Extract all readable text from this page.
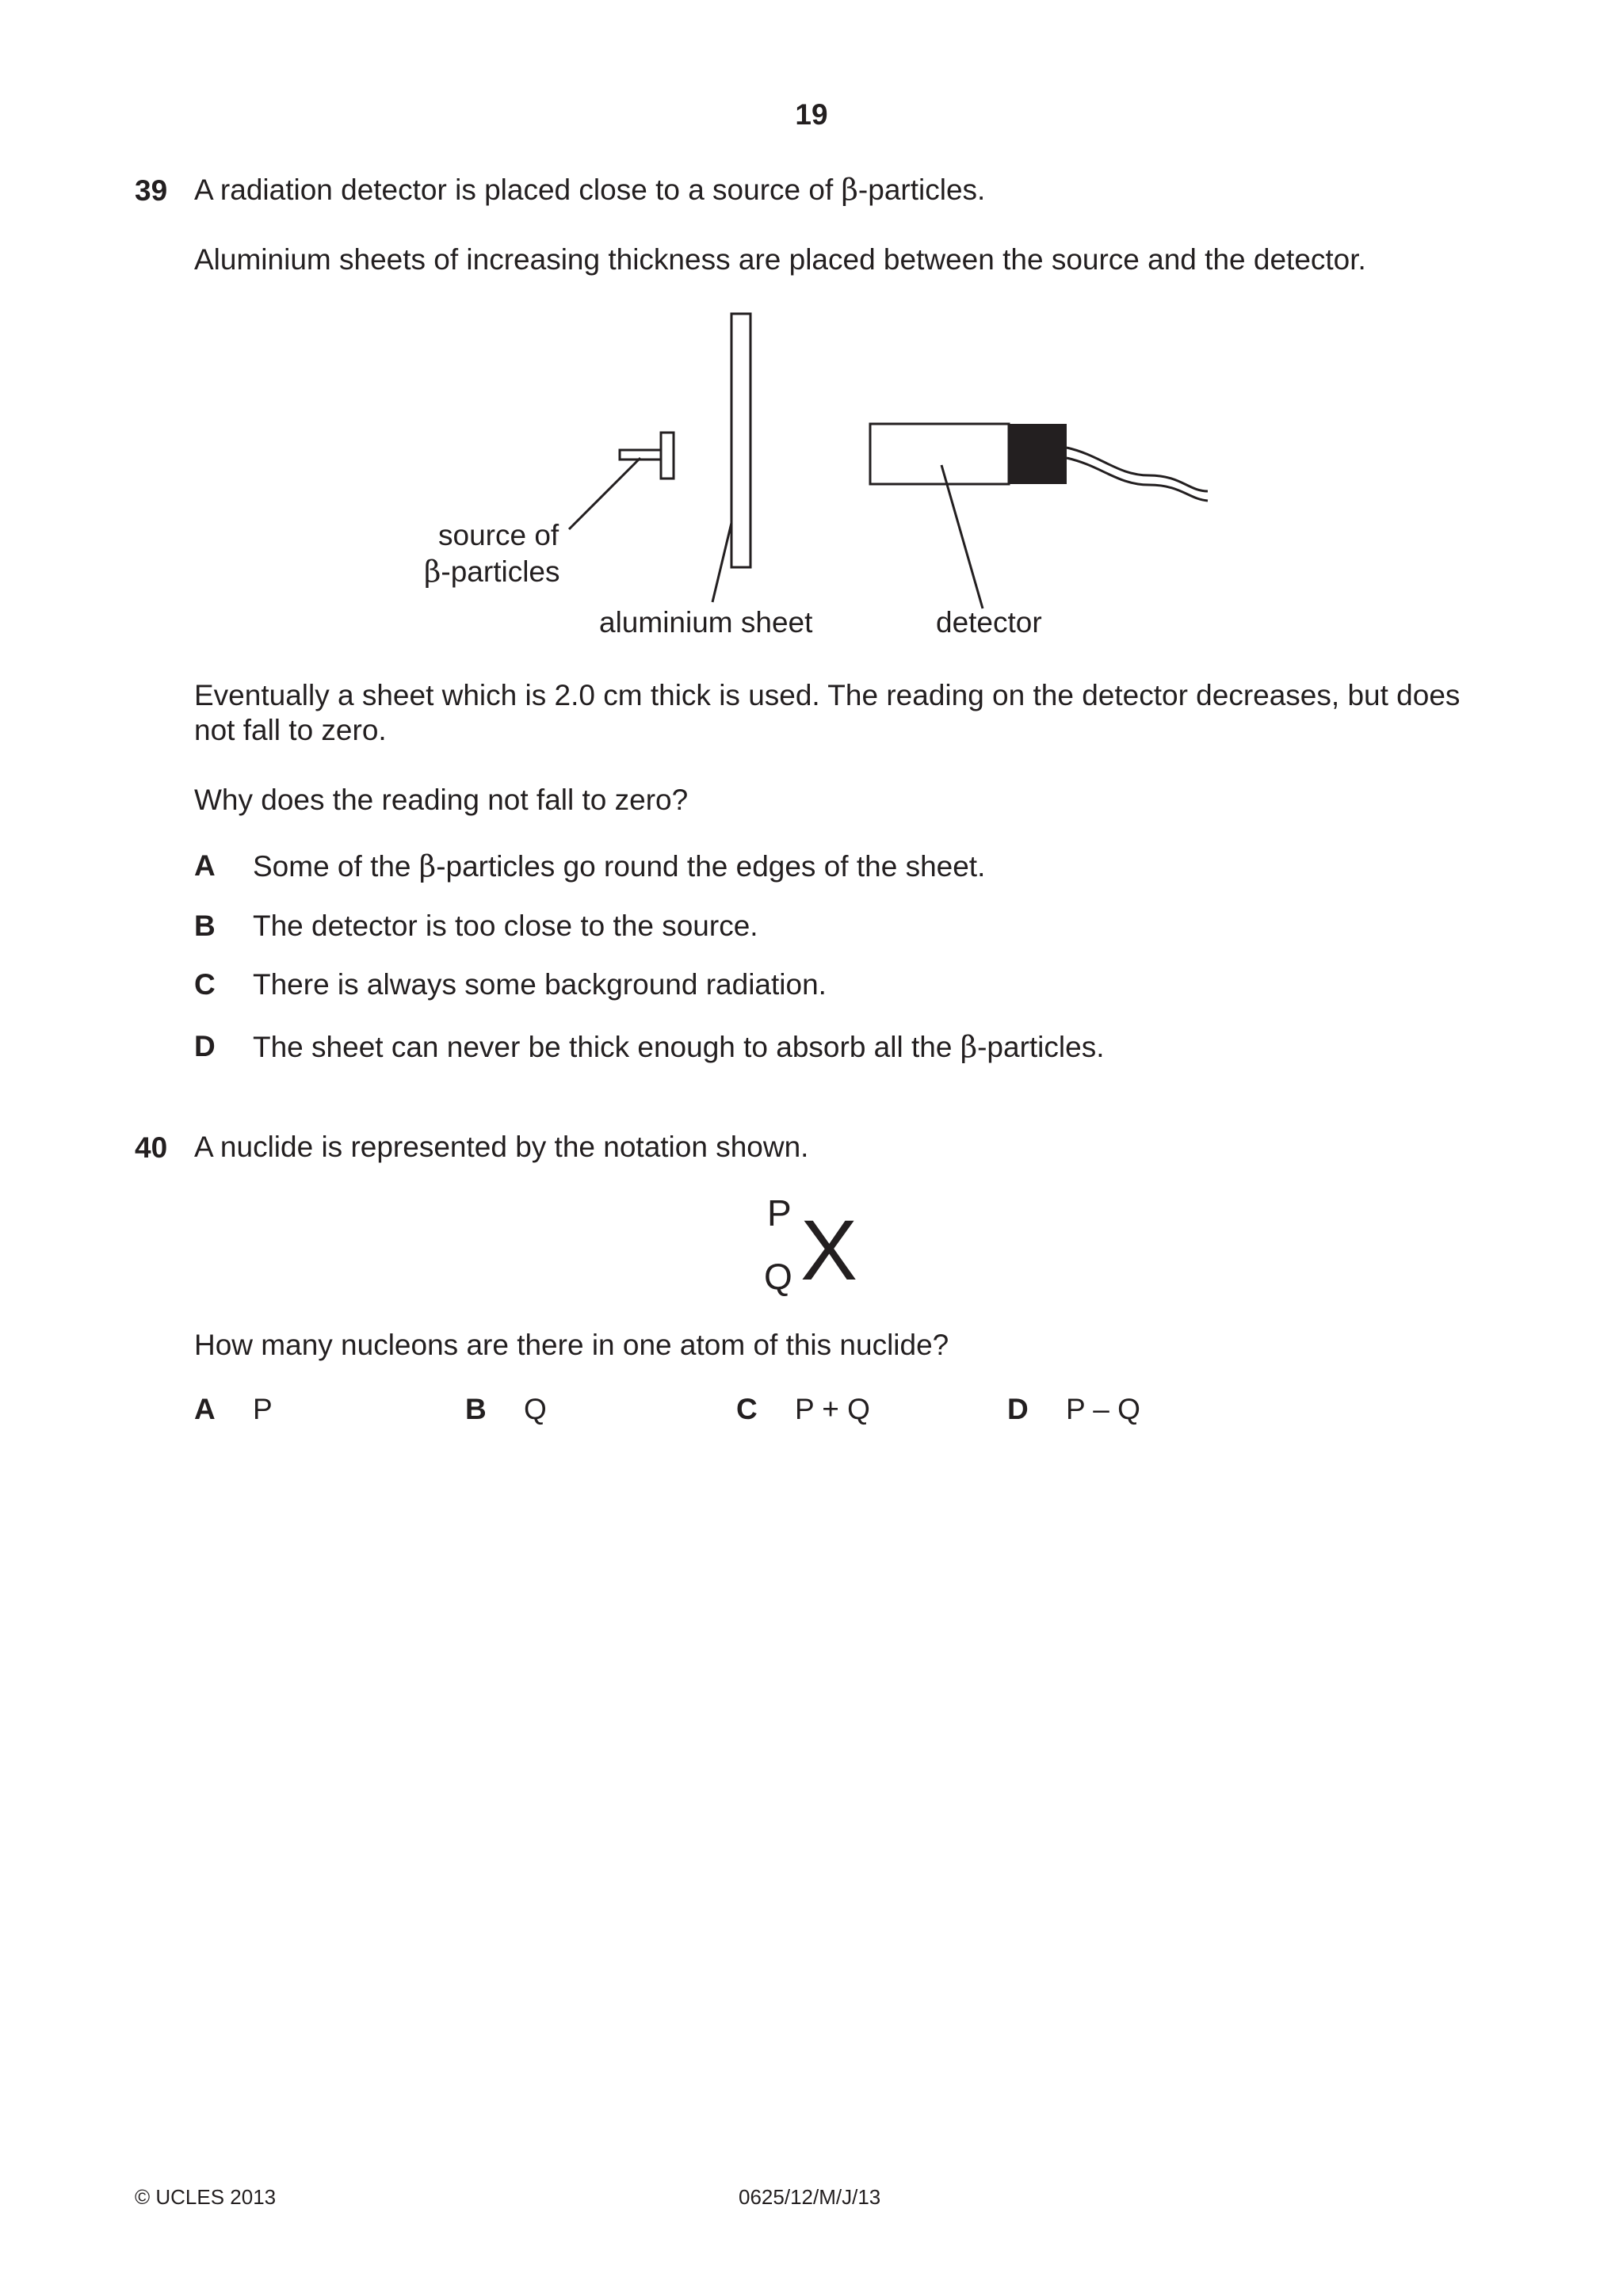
19
39 A radiation detector is placed close to a source of β-particles.
Aluminium sheets of increasing thickness are placed between the source and the detector.
source of
β-particles
aluminium sheet	detector
Eventually a sheet which is 2.0 cm thick is used. The reading on the detector decreases, but does
not fall to zero.
Why does the reading not fall to zero?
A Some of the β-particles go round the edges of the sheet.
B The detector is too close to the source.
C There is always some background radiation.
D The sheet can never be thick enough to absorb all the β-particles.
40 A nuclide is represented by the notation shown.
P
Q X
How many nucleons are there in one atom of this nuclide?
A P	B Q	C P + Q	D P – Q
© UCLES 2013	0625/12/M/J/13
